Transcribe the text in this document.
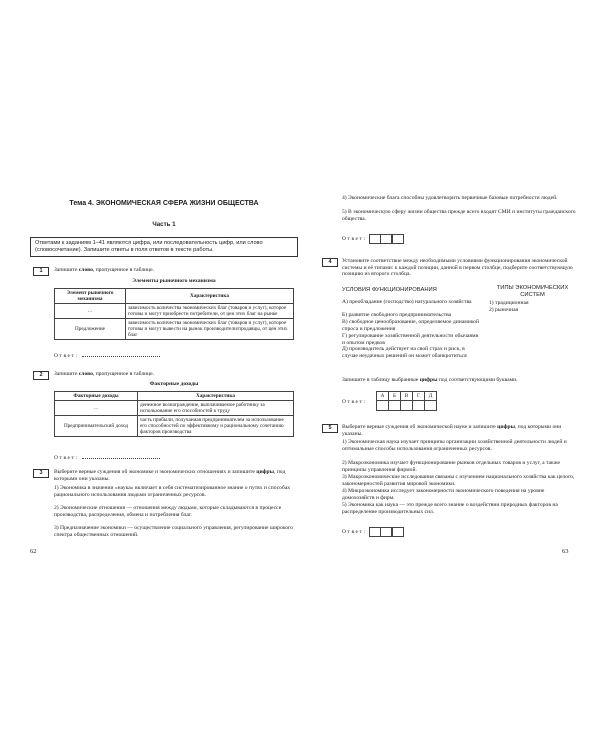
Тема 4. ЭКОНОМИЧЕСКАЯ СФЕРА ЖИЗНИ ОБЩЕСТВА
Часть 1
Ответами к заданиям 1–41 являются цифра, или последовательность цифр, или слово (словосочетание). Запишите ответы в поля ответов в тексте работы.
1	Запишите слово, пропущенное в таблице.
Элементы рыночного механизма
Элемент рыночного механизма	Характеристика
...	зависимость количества экономических благ (товаров и услуг), которое готовы и могут приобрести потребители, от цен этих благ на рынке
Предложение	зависимость количества экономических благ (товаров и услуг), которое готовы и могут вывести на рынок производители/продавцы, от цен этих благ
Ответ:
2	Запишите слово, пропущенное в таблице.
Факторные доходы
Факторные доходы	Характеристика
...	денежное вознаграждение, выплачиваемое работнику за использование его способностей к труду
Предпринимательский доход	часть прибыли, получаемая предпринимателем за использование его способностей по эффективному и рациональному сочетанию факторов производства
Ответ:
3	Выберите верные суждения об экономике и экономических отношениях и запишите цифры, под которыми они указаны.
1) Экономика в значении «наука» включает в себя систематизированное знание о путях и способах рационального использования людьми ограниченных ресурсов.
2) Экономические отношения — отношения между людьми, которые складываются в процессе производства, распределения, обмена и потребления благ.
3) Предназначение экономики — осуществление социального управления, регулирование широкого спектра общественных отношений.
62
4) Экономические блага способны удовлетворить первичные базовые потребности людей.
5) В экономическую сферу жизни общества прежде всего входят СМИ и институты гражданского общества.
Ответ:
4	Установите соответствие между необходимыми условиями функционирования экономической системы и её типами: к каждой позиции, данной в первом столбце, подберите соответствующую позицию из второго столбца.
УСЛОВИЯ ФУНКЦИОНИРОВАНИЯ	ТИПЫ ЭКОНОМИЧЕСКИХ СИСТЕМ
А) преобладание (господство) натурального хозяйства
Б) развитие свободного предпринимательства
В) свободное ценообразование, определяемое динамикой спроса и предложения
Г) регулирование хозяйственной деятельности обычаями и опытом предков
Д) производитель действует на свой страх и риск, в случае неудачных решений он может обанкротиться
1) традиционная
2) рыночная
Запишите в таблицу выбранные цифры под соответствующими буквами.
Ответ:
А	Б	В	Г	Д

5	Выберите верные суждения об экономической науке и запишите цифры, под которыми они указаны.
1) Экономическая наука изучает принципы организации хозяйственной деятельности людей и оптимальные способы использования ограниченных ресурсов.
2) Макроэкономика изучает функционирование рынков отдельных товаров и услуг, а также принципы управления фирмой.
3) Макроэкономические исследования связаны с изучением национального хозяйства как целого, закономерностей развития мировой экономики.
4) Микроэкономика исследует закономерности экономического поведения на уровне домохозяйств и фирм.
5) Экономика как наука — это прежде всего знание о воздействии природных факторов на распределение производительных сил.
Ответ:
63
